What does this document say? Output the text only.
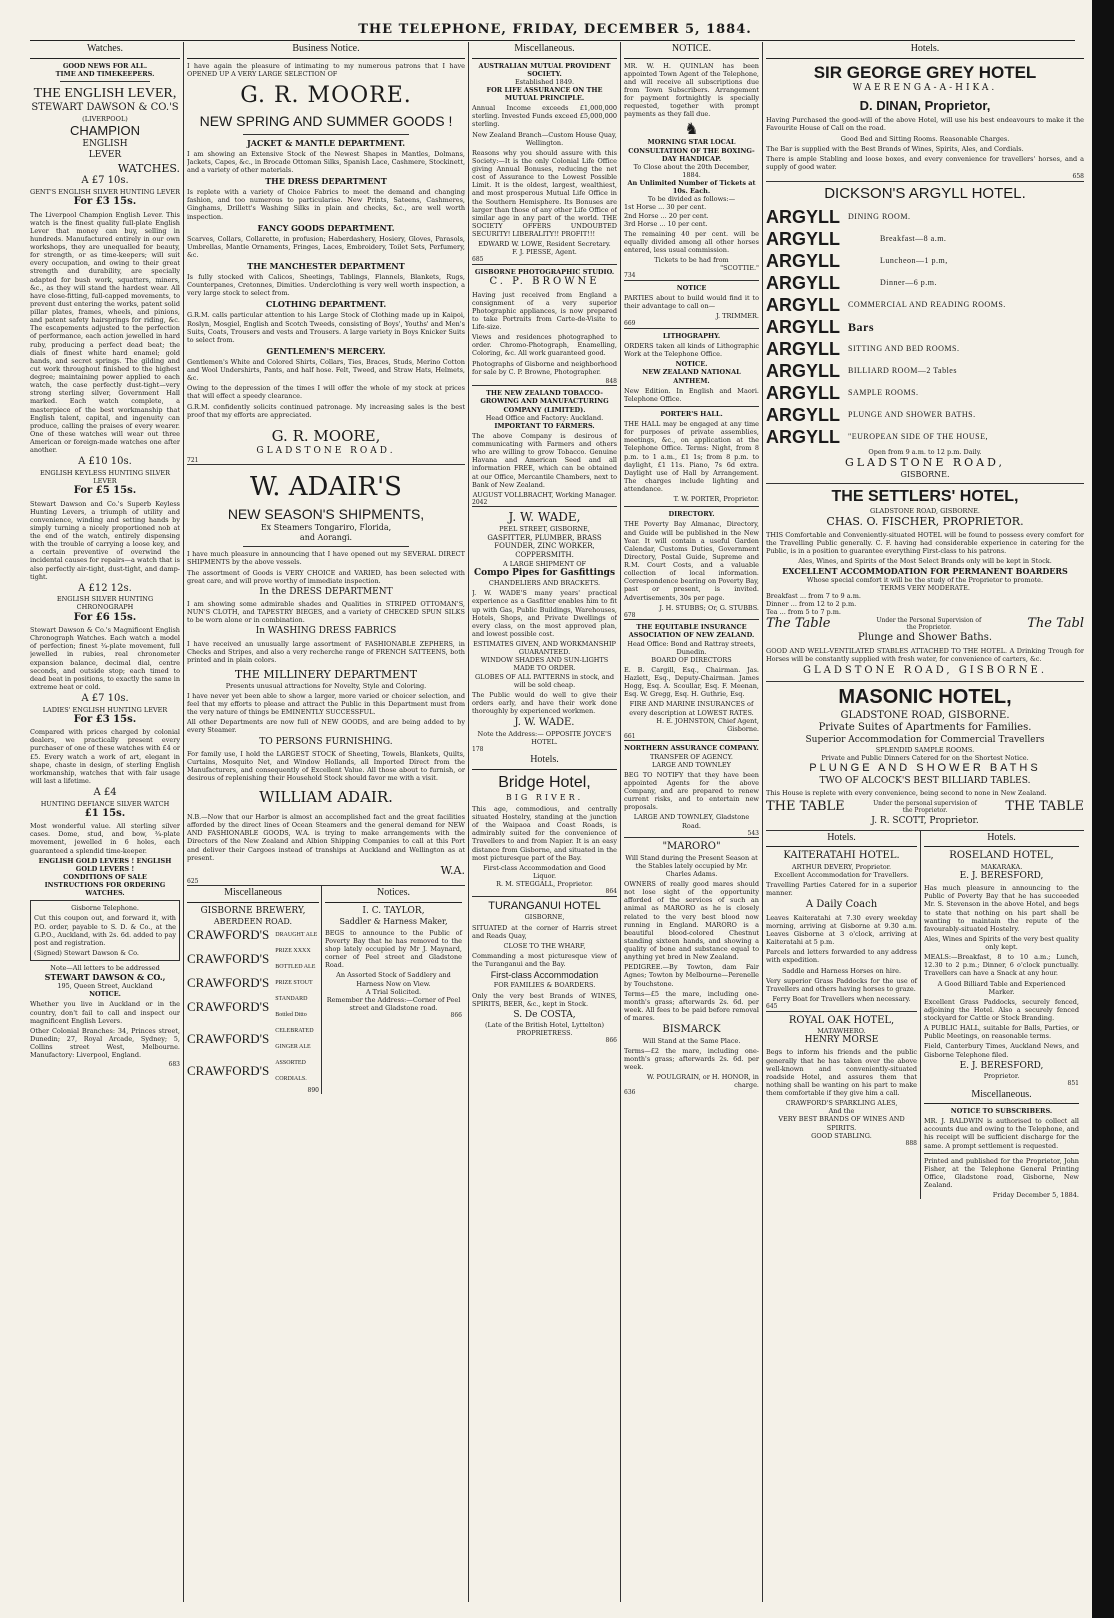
THE TELEPHONE, FRIDAY, DECEMBER 5, 1884.
Watches.
GOOD NEWS FOR ALL.
TIME AND TIMEKEEPERS.
THE ENGLISH LEVER,
STEWART DAWSON & CO.'S
(LIVERPOOL)
CHAMPION
ENGLISH
LEVER
WATCHES.
A £7 10s.
GENT'S ENGLISH SILVER HUNTING LEVER
For £3 15s.
The Liverpool Champion English Lever. This watch is the finest quality full-plate English Lever that money can buy, selling in hundreds. Manufactured entirely in our own workshops, they are unequalled for beauty, for strength, or as time-keepers; will suit every occupation, and owing to their great strength and durability, are specially adapted for bush work, squatters, miners, &c., as they will stand the hardest wear. All have close-fitting, full-capped movements, to prevent dust entering the works, patent solid pillar plates, frames, wheels, and pinions, and patent safety hairsprings for riding, &c. The escapements adjusted to the perfection of performance, each action jewelled in hard ruby, producing a perfect dead beat; the dials of finest white hard enamel; gold hands, and secret springs. The gilding and cut work throughout finished to the highest degree; maintaining power applied to each watch, the case perfectly dust-tight—very strong sterling silver, Government Hall marked. Each watch complete, a masterpiece of the best workmanship that English talent, capital, and ingenuity can produce, calling the praises of every wearer. One of these watches will wear out three American or foreign-made watches one after another.
A £10 10s.
ENGLISH KEYLESS HUNTING SILVER LEVER
For £5 15s.
Stewart Dawson and Co.'s Superb Keyless Hunting Levers, a triumph of utility and convenience, winding and setting hands by simply turning a nicely proportioned nob at the end of the watch, entirely dispensing with the trouble of carrying a loose key, and a certain preventive of overwind the incidental causes for repairs—a watch that is also perfectly air-tight, dust-tight, and damp-tight.
A £12 12s.
ENGLISH SILVER HUNTING CHRONOGRAPH
For £6 15s.
Stewart Dawson & Co.'s Magnificent English Chronograph Watches. Each watch a model of perfection; finest ¾-plate movement, full jewelled in rubies, real chronometer expansion balance, decimal dial, centre seconds, and outside stop; each timed to dead beat in positions, to exactly the same in extreme heat or cold.
A £7 10s.
LADIES' ENGLISH HUNTING LEVER
For £3 15s.
Compared with prices charged by colonial dealers, we practically present every purchaser of one of these watches with £4 or £5. Every watch a work of art, elegant in shape, chaste in design, of sterling English workmanship, watches that with fair usage will last a lifetime.
A £4
HUNTING DEFIANCE SILVER WATCH
£1 15s.
Most wonderful value. All sterling silver cases. Dome, stud, and bow, ¾-plate movement, jewelled in 6 holes, each guaranteed a splendid time-keeper.
ENGLISH GOLD LEVERS ! ENGLISH GOLD LEVERS !
CONDITIONS OF SALE
INSTRUCTIONS FOR ORDERING WATCHES.
Gisborne Telephone.
Cut this coupon out, and forward it, with P.O. order, payable to S. D. & Co., at the G.P.O., Auckland, with 2s. 6d. added to pay post and registration.
(Signed) Stewart Dawson & Co.
Note—All letters to be addressed
STEWART DAWSON & CO.,
195, Queen Street, Auckland
NOTICE.
Whether you live in Auckland or in the country, don't fail to call and inspect our magnificent English Levers.
Other Colonial Branches: 34, Princes street, Dunedin; 27, Royal Arcade, Sydney; 5, Collins street West, Melbourne. Manufactory: Liverpool, England.
683
Business Notice.
I have again the pleasure of intimating to my numerous patrons that I have OPENED UP A VERY LARGE SELECTION OF
G. R. MOORE.
NEW SPRING AND SUMMER GOODS !
JACKET & MANTLE DEPARTMENT.
I am showing an Extensive Stock of the Newest Shapes in Mantles, Dolmans, Jackets, Capes, &c., in Brocade Ottoman Silks, Spanish Lace, Cashmere, Stockinett, and a variety of other materials.
THE DRESS DEPARTMENT
Is replete with a variety of Choice Fabrics to meet the demand and changing fashion, and too numerous to particularise. New Prints, Sateens, Cashmeres, Ginghams, Drillett's Washing Silks in plain and checks, &c., are well worth inspection.
FANCY GOODS DEPARTMENT.
Scarves, Collars, Collarette, in profusion; Haberdashery, Hosiery, Gloves, Parasols, Umbrellas, Mantle Ornaments, Fringes, Laces, Embroidery, Toilet Sets, Perfumery, &c.
THE MANCHESTER DEPARTMENT
Is fully stocked with Calicos, Sheetings, Tablings, Flannels, Blankets, Rugs, Counterpanes, Cretonnes, Dimities. Underclothing is very well worth inspection, a very large stock to select from.
CLOTHING DEPARTMENT.
G.R.M. calls particular attention to his Large Stock of Clothing made up in Kaipoi, Roslyn, Mosgiel, English and Scotch Tweeds, consisting of Boys', Youths' and Men's Suits, Coats, Trousers and vests and Trousers. A large variety in Boys Knicker Suits to select from.
GENTLEMEN'S MERCERY.
Gentlemen's White and Colored Shirts, Collars, Ties, Braces, Studs, Merino Cotton and Wool Undershirts, Pants, and half hose. Felt, Tweed, and Straw Hats, Helmets, &c.
Owing to the depression of the times I will offer the whole of my stock at prices that will effect a speedy clearance.
G.R.M. confidently solicits continued patronage. My increasing sales is the best proof that my efforts are appreciated.
G. R. MOORE,
GLADSTONE ROAD.
721
W. ADAIR'S
NEW SEASON'S SHIPMENTS,
Ex Steamers Tongariro, Florida,
and Aorangi.
I have much pleasure in announcing that I have opened out my SEVERAL DIRECT SHIPMENTS by the above vessels.
The assortment of Goods is VERY CHOICE and VARIED, has been selected with great care, and will prove worthy of immediate inspection.
In the DRESS DEPARTMENT
I am showing some admirable shades and Qualities in STRIPED OTTOMAN'S, NUN'S CLOTH, and TAPESTRY BIEGES, and a variety of CHECKED SPUN SILKS to be worn alone or in combination.
In WASHING DRESS FABRICS
I have received an unusually large assortment of FASHIONABLE ZEPHERS, in Checks and Stripes, and also a very recherche range of FRENCH SATTEENS, both printed and in plain colors.
THE MILLINERY DEPARTMENT
Presents unusual attractions for Novelty, Style and Coloring.
I have never yet been able to show a larger, more varied or choicer selection, and feel that my efforts to please and attract the Public in this Department must from the very nature of things be EMINENTLY SUCCESSFUL.
All other Departments are now full of NEW GOODS, and are being added to by every Steamer.
TO PERSONS FURNISHING.
For family use, I hold the LARGEST STOCK of Sheeting, Towels, Blankets, Quilts, Curtains, Mosquito Net, and Window Hollands, all Imported Direct from the Manufacturers, and consequently of Excellent Value. All those about to furnish, or desirous of replenishing their Household Stock should favor me with a visit.
WILLIAM ADAIR.
N.B.—Now that our Harbor is almost an accomplished fact and the great facilities afforded by the direct lines of Ocean Steamers and the general demand for NEW AND FASHIONABLE GOODS, W.A. is trying to make arrangements with the Directors of the New Zealand and Albion Shipping Companies to call at this Port and deliver their Cargoes instead of tranships at Auckland and Wellington as at present.
W.A.
625
Miscellaneous
GISBORNE BREWERY,
ABERDEEN ROAD.
CRAWFORD'S DRAUGHT ALE
CRAWFORD'S PRIZE XXXX BOTTLED ALE
CRAWFORD'S PRIZE STOUT
CRAWFORD'S STANDARD Bottled Ditto
CRAWFORD'S CELEBRATED GINGER ALE
CRAWFORD'S ASSORTED CORDIALS.
890
Notices.
I. C. TAYLOR,
Saddler & Harness Maker,
BEGS to announce to the Public of Poverty Bay that he has removed to the shop lately occupied by Mr J. Maynard, corner of Peel street and Gladstone Road.
An Assorted Stock of Saddlery and Harness Now on View.
A Trial Solicited.
Remember the Address:—Corner of Peel street and Gladstone road.
866
Miscellaneous.
AUSTRALIAN MUTUAL PROVIDENT SOCIETY.
Established 1849.
FOR LIFE ASSURANCE ON THE MUTUAL PRINCIPLE.
Annual Income exceeds £1,000,000 sterling. Invested Funds exceed £5,000,000 sterling.
New Zealand Branch—Custom House Quay, Wellington.
Reasons why you should assure with this Society:—It is the only Colonial Life Office giving Annual Bonuses, reducing the net cost of Assurance to the Lowest Possible Limit. It is the oldest, largest, wealthiest, and most prosperous Mutual Life Office in the Southern Hemisphere. Its Bonuses are larger than those of any other Life Office of similar age in any part of the world. THE SOCIETY OFFERS UNDOUBTED SECURITY! LIBERALITY!! PROFIT!!!
EDWARD W. LOWE, Resident Secretary.
F. J. PIESSE, Agent.
685
GISBORNE PHOTOGRAPHIC STUDIO.
C. P. BROWNE
Having just received from England a consignment of a very superior Photographic appliances, is now prepared to take Portraits from Carte-de-Visite to Life-size.
Views and residences photographed to order. Chromo-Photograph, Enamelling, Coloring, &c. All work guaranteed good.
Photographs of Gisborne and neighborhood for sale by C. P. Browne, Photographer.
848
THE NEW ZEALAND TOBACCO-GROWING AND MANUFACTURING COMPANY (LIMITED).
Head Office and Factory: Auckland.
IMPORTANT TO FARMERS.
The above Company is desirous of communicating with Farmers and others who are willing to grow Tobacco. Genuine Havana and American Seed and all information FREE, which can be obtained at our Office, Mercantile Chambers, next to Bank of New Zealand.
AUGUST VOLLBRACHT, Working Manager.
2042
J. W. WADE,
PEEL STREET, GISBORNE,
GASFITTER, PLUMBER, BRASS FOUNDER, ZINC WORKER, COPPERSMITH.
A LARGE SHIPMENT OF
Compo Pipes for Gasfittings
CHANDELIERS AND BRACKETS.
J. W. WADE'S many years' practical experience as a Gasfitter enables him to fit up with Gas, Public Buildings, Warehouses, Hotels, Shops, and Private Dwellings of every class, on the most approved plan, and lowest possible cost.
ESTIMATES GIVEN, AND WORKMANSHIP GUARANTEED.
WINDOW SHADES AND SUN-LIGHTS MADE TO ORDER.
GLOBES OF ALL PATTERNS in stock, and will be sold cheap.
The Public would do well to give their orders early, and have their work done thoroughly by experienced workmen.
J. W. WADE.
Note the Address:— OPPOSITE JOYCE'S HOTEL.
178
Hotels.
Bridge Hotel,
BIG RIVER.
This age, commodious, and centrally situated Hostelry, standing at the junction of the Waipaoa and Coast Roads, is admirably suited for the convenience of Travellers to and from Napier. It is an easy distance from Gisborne, and situated in the most picturesque part of the Bay.
First-class Accommodation and Good Liquor.
R. M. STEGGALL, Proprietor.
864
TURANGANUI HOTEL
GISBORNE,
SITUATED at the corner of Harris street and Reads Quay,
CLOSE TO THE WHARF,
Commanding a most picturesque view of the Turanganui and the Bay.
First-class Accommodation
FOR FAMILIES & BOARDERS.
Only the very best Brands of WINES, SPIRITS, BEER, &c., kept in Stock.
S. De COSTA,
(Late of the British Hotel, Lyttelton)
PROPRIETRESS.
866
NOTICE.
MR. W. H. QUINLAN has been appointed Town Agent of the Telephone, and will receive all subscriptions due from Town Subscribers. Arrangement for payment fortnightly is specially requested, together with prompt payments as they fall due.
♞
MORNING STAR LOCAL CONSULTATION OF THE BOXING-DAY HANDICAP.
To Close about the 20th December, 1884.
An Unlimited Number of Tickets at 10s. Each.
To be divided as follows:—
1st Horse ... 30 per cent.
2nd Horse ... 20 per cent.
3rd Horse ... 10 per cent.
The remaining 40 per cent. will be equally divided among all other horses entered, less usual commission.
Tickets to be had from
"SCOTTIE."
734
NOTICE
PARTIES about to build would find it to their advantage to call on—
J. TRIMMER.
669
LITHOGRAPHY.
ORDERS taken all kinds of Lithographic Work at the Telephone Office.
NOTICE.
NEW ZEALAND NATIONAL ANTHEM.
New Edition. In English and Maori. Telephone Office.
PORTER'S HALL.
THE HALL may be engaged at any time for purposes of private assemblies, meetings, &c., on application at the Telephone Office. Terms: Night, from 8 p.m. to 1 a.m., £1 1s; from 8 p.m. to daylight, £1 11s. Piano, 7s 6d extra. Daylight use of Hall by Arrangement. The charges include lighting and attendance.
T. W. PORTER, Proprietor.
DIRECTORY.
THE Poverty Bay Almanac, Directory, and Guide will be published in the New Year. It will contain a useful Garden Calendar, Customs Duties, Government Directory, Postal Guide, Supreme and R.M. Court Costs, and a valuable collection of local information. Correspondence bearing on Poverty Bay, past or present, is invited. Advertisements, 30s per page.
J. H. STUBBS; Or, G. STUBBS.
678
THE EQUITABLE INSURANCE ASSOCIATION OF NEW ZEALAND.
Head Office: Bond and Rattray streets, Dunedin.
BOARD OF DIRECTORS
E. B. Cargill, Esq., Chairman. Jas. Hazlett, Esq., Deputy-Chairman. James Hogg, Esq. A. Scoullar, Esq. F. Meenan, Esq. W. Gregg, Esq. H. Guthrie, Esq.
FIRE AND MARINE INSURANCES of every description at LOWEST RATES.
H. E. JOHNSTON, Chief Agent, Gisborne.
661
NORTHERN ASSURANCE COMPANY.
TRANSFER OF AGENCY.
LARGE AND TOWNLEY
BEG TO NOTIFY that they have been appointed Agents for the above Company, and are prepared to renew current risks, and to entertain new proposals.
LARGE AND TOWNLEY, Gladstone Road.
543
"MARORO"
Will Stand during the Present Season at the Stables lately occupied by Mr. Charles Adams.
OWNERS of really good mares should not lose sight of the opportunity afforded of the services of such an animal as MARORO as he is closely related to the very best blood now running in England. MARORO is a beautiful blood-colored Chestnut standing sixteen hands, and showing a quality of bone and substance equal to anything yet bred in New Zealand.
PEDIGREE.—By Towton, dam Fair Agnes; Towton by Melbourne—Perenelle by Touchstone.
Terms—£5 the mare, including one-month's grass; afterwards 2s. 6d. per week. All fees to be paid before removal of mares.
BISMARCK
Will Stand at the Same Place.
Terms—£2 the mare, including one-month's grass; afterwards 2s. 6d. per week.
W. POULGRAIN, or H. HONOR, in charge.
636
Hotels.
SIR GEORGE GREY HOTEL
WAERENGA-A-HIKA.
D. DINAN, Proprietor,
Having Purchased the good-will of the above Hotel, will use his best endeavours to make it the Favourite House of Call on the road.
Good Bed and Sitting Rooms. Reasonable Charges.
The Bar is supplied with the Best Brands of Wines, Spirits, Ales, and Cordials.
There is ample Stabling and loose boxes, and every convenience for travellers' horses, and a supply of good water.
658
DICKSON'S ARGYLL HOTEL.
ARGYLL DINING ROOM.
ARGYLL	Breakfast—8 a.m.
ARGYLL	Luncheon—1 p.m,
ARGYLL	Dinner—6 p.m.
ARGYLL COMMERCIAL AND READING ROOMS.
ARGYLL Bars
ARGYLL SITTING AND BED ROOMS.
ARGYLL BILLIARD ROOM—2 Tables
ARGYLL SAMPLE ROOMS.
ARGYLL PLUNGE AND SHOWER BATHS.
ARGYLL "EUROPEAN SIDE OF THE HOUSE,
Open from 9 a.m. to 12 p.m. Daily.
GLADSTONE ROAD,
GISBORNE.
THE SETTLERS' HOTEL,
GLADSTONE ROAD, GISBORNE.
CHAS. O. FISCHER, PROPRIETOR.
THIS Comfortable and Conveniently-situated HOTEL will be found to possess every comfort for the Travelling Public generally. C. F. having had considerable experience in catering for the Public, is in a position to guarantee everything First-class to his patrons.
Ales, Wines, and Spirits of the Most Select Brands only will be kept in Stock.
EXCELLENT ACCOMMODATION FOR PERMANENT BOARDERS
Whose special comfort it will be the study of the Proprietor to promote.
TERMS VERY MODERATE.
Breakfast ... from 7 to 9 a.m.
Dinner ... from 12 to 2 p.m.
Tea ... from 5 to 7 p.m.
The Table	Under the Personal Supervision of the Proprietor.	The Tabl
Plunge and Shower Baths.
GOOD AND WELL-VENTILATED STABLES ATTACHED TO THE HOTEL. A Drinking Trough for Horses will be constantly supplied with fresh water, for convenience of carters, &c.
GLADSTONE ROAD, GISBORNE.
MASONIC HOTEL,
GLADSTONE ROAD, GISBORNE.
Private Suites of Apartments for Families.
Superior Accommodation for Commercial Travellers
SPLENDID SAMPLE ROOMS.
Private and Public Dinners Catered for on the Shortest Notice.
PLUNGE AND SHOWER BATHS
TWO OF ALCOCK'S BEST BILLIARD TABLES.
This House is replete with every convenience, being second to none in New Zealand.
THE TABLE	Under the personal supervision of the Proprietor.	THE TABLE
J. R. SCOTT, Proprietor.
Hotels.
KAITERATAHI HOTEL.
ARTHUR DEVERY, Proprietor.
Excellent Accommodation for Travellers.
Travelling Parties Catered for in a superior manner.
A Daily Coach
Leaves Kaiteratahi at 7.30 every weekday morning, arriving at Gisborne at 9.30 a.m. Leaves Gisborne at 3 o'clock, arriving at Kaiteratahi at 5 p.m.
Parcels and letters forwarded to any address with expedition.
Saddle and Harness Horses on hire.
Very superior Grass Paddocks for the use of Travellers and others having horses to graze.
Ferry Boat for Travellers when necessary.
645
ROYAL OAK HOTEL,
MATAWHERO.
HENRY MORSE
Begs to inform his friends and the public generally that he has taken over the above well-known and conveniently-situated roadside Hotel, and assures them that nothing shall be wanting on his part to make them comfortable if they give him a call.
CRAWFORD'S SPARKLING ALES,
And the
VERY BEST BRANDS OF WINES AND SPIRITS.
GOOD STABLING.
888
Hotels.
ROSELAND HOTEL,
MAKARAKA.
E. J. BERESFORD,
Has much pleasure in announcing to the Public of Poverty Bay that he has succeeded Mr. S. Stevenson in the above Hotel, and begs to state that nothing on his part shall be wanting to maintain the repute of the favourably-situated Hostelry.
Ales, Wines and Spirits of the very best quality only kept.
MEALS:—Breakfast, 8 to 10 a.m.; Lunch, 12.30 to 2 p.m.; Dinner, 6 o'clock punctually. Travellers can have a Snack at any hour.
A Good Billiard Table and Experienced Marker.
Excellent Grass Paddocks, securely fenced, adjoining the Hotel. Also a securely fenced stockyard for Cattle or Stock Branding.
A PUBLIC HALL, suitable for Balls, Parties, or Public Meetings, on reasonable terms.
Field, Canterbury Times, Auckland News, and Gisborne Telephone filed.
E. J. BERESFORD,
Proprietor.
851
Miscellaneous.
NOTICE TO SUBSCRIBERS.
MR. J. BALDWIN is authorised to collect all accounts due and owing to the Telephone, and his receipt will be sufficient discharge for the same. A prompt settlement is requested.
Printed and published for the Proprietor, John Fisher, at the Telephone General Printing Office, Gladstone road, Gisborne, New Zealand.
Friday December 5, 1884.
